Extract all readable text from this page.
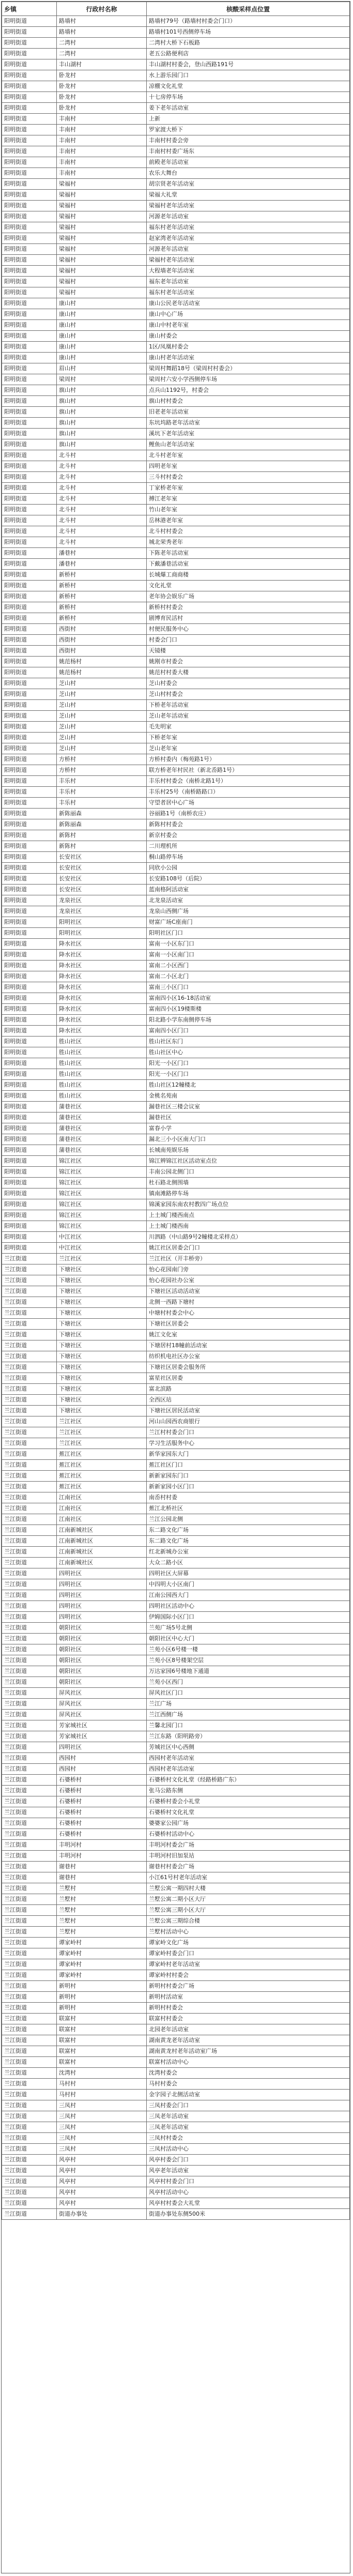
乡镇	行政村名称	核酸采样点位置
阳明街道	路墙村	路墙村79号（路墙村村委会门口）
阳明街道	路墙村	路墙村101号西侧停车场
阳明街道	二湾村	二湾村大桥下石板路
阳明街道	二湾村	老五公路便利店
阳明街道	丰山湖村	丰山湖村村委会，登山西路191号
阳明街道	卧龙村	水上游乐园门口
阳明街道	卧龙村	凉棚文化礼堂
阳明街道	卧龙村	十七房停车场
阳明街道	卧龙村	姜下老年活动室
阳明街道	丰南村	上新
阳明街道	丰南村	罗家渡大桥下
阳明街道	丰南村	丰南村村委会旁
阳明街道	丰南村	丰南村村委广场东
阳明街道	丰南村	前殿老年活动室
阳明街道	丰南村	农乐大舞台
阳明街道	梁福村	胡宗贤老年活动室
阳明街道	梁福村	梁福大礼堂
阳明街道	梁福村	梁福村老年活动室
阳明街道	梁福村	河源老年活动室
阳明街道	梁福村	福东村老年活动室
阳明街道	梁福村	赵家湾老年活动室
阳明街道	梁福村	河源老年活动室
阳明街道	梁福村	梁福村老年活动室
阳明街道	梁福村	大程墙老年活动室
阳明街道	梁福村	福东老年活动室
阳明街道	梁福村	福东村老年活动室
阳明街道	康山村	康山公民老年活动室
阳明街道	康山村	康山中心广场
阳明街道	康山村	康山中村老年室
阳明街道	康山村	康山村委会
阳明街道	康山村	1区/凤凰村委会
阳明街道	康山村	康山村老年活动室
阳明街道	眉山村	梁周村舞蹈18号（梁周村村委会）
阳明街道	梁周村	梁周村六安小学西侧停车场
阳明街道	旗山村	点兵山1192号，村委会
阳明街道	旗山村	旗山村村委会
阳明街道	旗山村	旧老老年活动室
阳明街道	旗山村	东坑坞路老年活动室
阳明街道	旗山村	溪坑下老年活动室
阳明街道	旗山村	鲤鱼山老年活动室
阳明街道	北斗村	北斗村老年室
阳明街道	北斗村	四明老年室
阳明街道	北斗村	三斗村村委会
阳明街道	北斗村	丁家桥老年室
阳明街道	北斗村	搏江老年室
阳明街道	北斗村	竹山老年室
阳明街道	北斗村	岳林港老年室
阳明街道	北斗村	北斗村村委会
阳明街道	北斗村	城北荣秀老年
阳明街道	潘巷村	下陈老年活动室
阳明街道	潘巷村	下戴潘巷活动室
阳明街道	新桥村	长城爆工商商楼
阳明街道	新桥村	文化礼堂
阳明街道	新桥村	老年协会娱乐广场
阳明街道	新桥村	新桥村村委会
阳明街道	新桥村	剧博育民活村
阳明街道	西街村	村便民服务中心
阳明街道	西街村	村委会门口
阳明街道	西街村	天镜楼
阳明街道	姚范杨村	姚刚市村委会
阳明街道	姚范杨村	姚范村村委大楼
阳明街道	芝山村	芝山村委会
阳明街道	芝山村	芝山村村委会
阳明街道	芝山村	下桥老年活动室
阳明街道	芝山村	芝山老年活动室
阳明街道	芝山村	毛先明家
阳明街道	芝山村	下桥老年室
阳明街道	芝山村	芝山老年室
阳明街道	方桥村	方桥村委内（梅苑路1号）
阳明街道	方桥村	联方桥老年村民社（新北岙路1号）
阳明街道	丰乐村	丰乐村村委会（南桥北路1号）
阳明街道	丰乐村	丰乐村25号（南桥路路口）
阳明街道	丰乐村	守望者居中心广场
阳明街道	新陈丽森	谷丽路1号（南桥农庄）
阳明街道	新陈丽森	新陈村村委会
阳明街道	新陈村	新京村委会
阳明街道	新陈村	二川理机所
阳明街道	长安社区	桐山路停车场
阳明街道	长安社区	同欣小公园
阳明街道	长安社区	长安路108号（后院）
阳明街道	长安社区	蓝南格阿活动室
阳明街道	龙泉社区	北龙泉活动室
阳明街道	龙泉社区	龙泉山西侧广场
阳明街道	阳明社区	财富广场C座南门
阳明街道	阳明社区	阳明社区门口
阳明街道	降水社区	富南一小区东门口
阳明街道	降水社区	富南一小区南门口
阳明街道	降水社区	富南二小区西门
阳明街道	降水社区	富南二小区北门
阳明街道	降水社区	富南三小区门口
阳明街道	降水社区	富南四小区16-18活动室
阳明街道	降水社区	富南四小区19楼斯楼
阳明街道	降水社区	阳北路小学东南侧停车场
阳明街道	降水社区	富南四小区门口
阳明街道	胜山社区	胜山社区东门
阳明街道	胜山社区	胜山社区中心
阳明街道	胜山社区	阳光一小区门口
阳明街道	胜山社区	阳光一小区门口
阳明街道	胜山社区	胜山社区12幢楼北
阳明街道	胜山社区	金桃名苑南
阳明街道	蒲巷社区	漏巷社区三楼会议室
阳明街道	蒲巷社区	漏巷社区
阳明街道	蒲巷社区	富春小学
阳明街道	蒲巷社区	漏北三小小区南大门口
阳明街道	蒲巷社区	长城南苑娱乐场
阳明街道	锦江社区	锦江辨锦江社区活动室点位
阳明街道	锦江社区	丰南公园北侧门口
阳明街道	锦江社区	杜石路北侧围墙
阳明街道	锦江社区	镇南滩路停车场
阳明街道	锦江社区	锦溪家园东南农村教四广场点位
阳明街道	锦江社区	上土城门楼西南点
阳明街道	锦江社区	上土城门楼西南
阳明街道	中江社区	川泗路（中山路9号2幢楼北采样点）
阳明街道	中江社区	姚江社区居委会门口
兰江街道	兰江社区	兰江社区（开丰桥旁）
兰江街道	下塘社区	怡心花园南门旁
兰江街道	下塘社区	怡心花园社办公室
兰江街道	下塘社区	下塘社区活动活动室
兰江街道	下塘社区	北侧一西路下塘村
兰江街道	下塘社区	中塘村村委会中心
兰江街道	下塘社区	下塘社区居委会
兰江街道	下塘社区	姚江文化室
兰江街道	下塘社区	下塘居村18幢前活动室
兰江街道	下塘社区	纺织机电社区办公室
兰江街道	下塘社区	下塘社区居委会服务所
兰江街道	下塘社区	富星社区居委
兰江街道	下塘社区	富北滨路
兰江街道	下塘社区	全西区站
兰江街道	下塘社区	下塘社区居民活动室
兰江街道	兰江社区	河山山园西农商银行
兰江街道	兰江社区	兰江村村委会门口
兰江街道	兰江社区	学习生活服务中心
兰江街道	蕉江社区	新华家园东大门
兰江街道	蕉江社区	蕉江社区门口
兰江街道	蕉江社区	新新家园东门口
兰江街道	蕉江社区	新新家园小区门口
兰江街道	江南社区	南岙村村委
兰江街道	江南社区	蕉江北桥社区
兰江街道	江南社区	兰江公园北侧
兰江街道	江南新城社区	东二路文化广场
兰江街道	江南新城社区	东二路文化广场
兰江街道	江南新城社区	红北新城办公室
兰江街道	江南新城社区	大众二路小区
兰江街道	四明社区	四明社区大屏幕
兰江街道	四明社区	中四明大小区南门
兰江街道	四明社区	江南公园西大门
兰江街道	四明社区	四明社区活动中心
兰江街道	四明社区	伊姆国际小区门口
兰江街道	朝阳社区	兰苑广场5号北侧
兰江街道	朝阳社区	朝阳社区中心大门
兰江街道	朝阳社区	兰苑小区6号楼一楼
兰江街道	朝阳社区	兰苑小区8号楼架空层
兰江街道	朝阳社区	万达家园6号楼地下通道
兰江街道	朝阳社区	兰苑小区西门
兰江街道	屏风社区	屏风社区门口
兰江街道	屏风社区	兰江广场
兰江街道	屏风社区	兰江西侧广场
兰江街道	芳家城社区	兰馨北园门口
兰江街道	芳家城社区	兰江东路（阳明路旁）
兰江街道	四明社区	芳城社区中心西侧
兰江街道	西园村	西园村老年活动室
兰江街道	西园村	西园村老年活动室
兰江街道	石婆桥村	石婆桥村文化礼堂（经路桥路广东）
兰江街道	石婆桥村	张马公路东侧
兰江街道	石婆桥村	石婆桥村委会小礼堂
兰江街道	石婆桥村	石婆桥村文化礼堂
兰江街道	石婆桥村	婆婆家公园广场
兰江街道	石婆桥村	石婆桥村活动中心
兰江街道	丰明河村	丰明河村委会广场
兰江街道	丰明河村	丰明河村旧加泵站
兰江街道	谢巷村	谢巷村村委会广场
兰江街道	谢巷村	小江61号村老年活动室
兰江街道	兰墅村	兰墅公寓一期四村大楼
兰江街道	兰墅村	兰墅公寓二期小区大厅
兰江街道	兰墅村	兰墅公寓三期小区大厅
兰江街道	兰墅村	兰墅公寓三期综合楼
兰江街道	兰墅村	兰墅村活动中心
兰江街道	谭家岭村	谭家岭文化广场
兰江街道	谭家岭村	谭家岭村委会门口
兰江街道	谭家岭村	谭家岭村老年活动室
兰江街道	谭家岭村	谭家岭村村委会
兰江街道	新明村	新明村村委会广场
兰江街道	新明村	新明村活动室
兰江街道	新明村	新明村村委会
兰江街道	联富村	联富村村委会
兰江街道	联富村	北园老年活动室
兰江街道	联富村	湖南黄龙老年活动室
兰江街道	联富村	湖南黄龙村老年活动室广场
兰江街道	联富村	联富村活动中心
兰江街道	沈湾村	沈湾村委会
兰江街道	马村村	马村村委会
兰江街道	马村村	金字园子北侧活动室
兰江街道	三凤村	三凤村委会门口
兰江街道	三凤村	三凤老年活动室
兰江街道	三凤村	三凤老年活动室
兰江街道	三凤村	三凤村村委会
兰江街道	三凤村	三凤村活动中心
兰江街道	风亭村	风亭村委会门口
兰江街道	风亭村	风亭老年活动室
兰江街道	风亭村	风亭村村委会门口
兰江街道	风亭村	风亭村活动中心
兰江街道	风亭村	风亭村村委会大礼堂
兰江街道	街道办事处	街道办事处东侧500米
